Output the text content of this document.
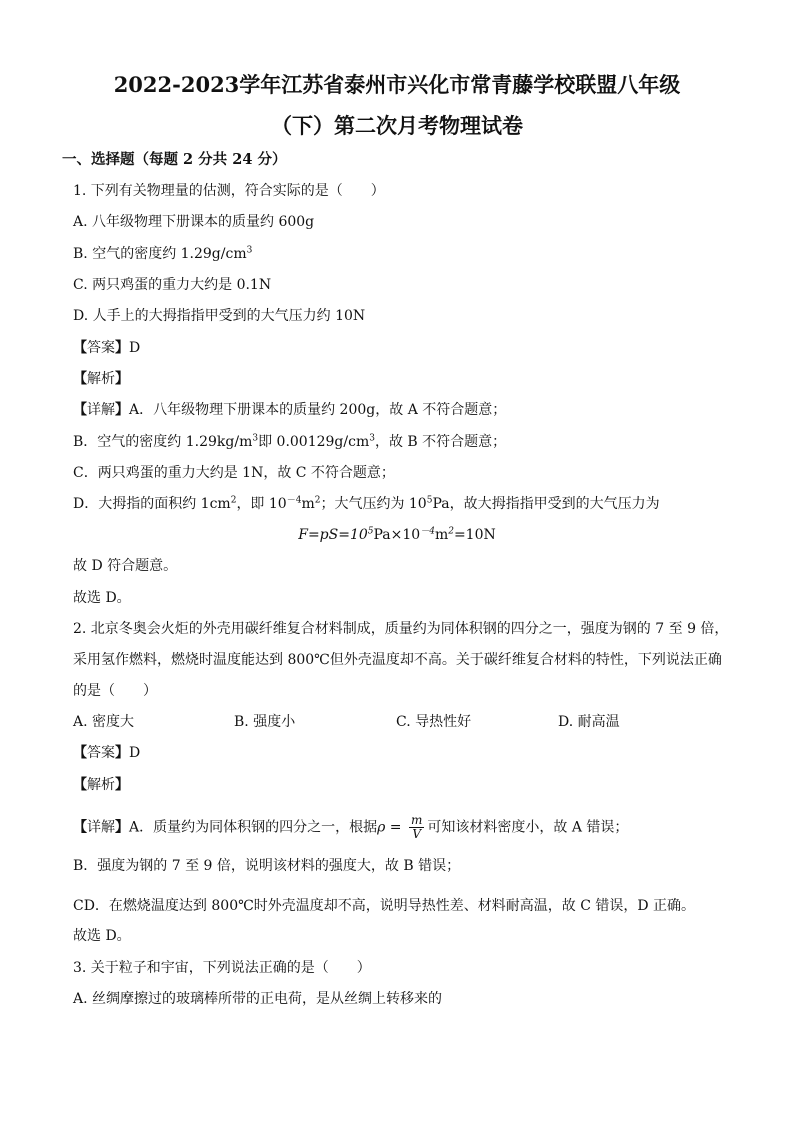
2022-2023学年江苏省泰州市兴化市常青藤学校联盟八年级
（下）第二次月考物理试卷
一、选择题（每题 2 分共 24 分）
1. 下列有关物理量的估测，符合实际的是（　　）
A. 八年级物理下册课本的质量约 600g
B. 空气的密度约 $1.29g/cm^3$
C. 两只鸡蛋的重力大约是 0.1N
D. 人手上的大拇指指甲受到的大气压力约 10N
【答案】D
【解析】
【详解】A．八年级物理下册课本的质量约 200g，故 A 不符合题意；
B．空气的密度约 $1.29kg/m^3$即 $0.00129g/cm^3$，故 B 不符合题意；
C．两只鸡蛋的重力大约是 1N，故 C 不符合题意；
D．大拇指的面积约 $1cm^2$，即 $10^{-4}m^2$；大气压约为 $10^5Pa$，故大拇指指甲受到的大气压力为
$F=pS=10^5Pa\times 10^{-4}m^2=10N$
故 D 符合题意。
故选 D。
2. 北京冬奥会火炬的外壳用碳纤维复合材料制成，质量约为同体积钢的四分之一，强度为钢的 7 至 9 倍，
采用氢作燃料，燃烧时温度能达到 800℃但外壳温度却不高。关于碳纤维复合材料的特性，下列说法正确
的是（　　）
A. 密度大	B. 强度小	C. 导热性好	D. 耐高温
【答案】D
【解析】
【详解】A．质量约为同体积钢的四分之一，根据$\rho = \frac{m}{V}$ 可知该材料密度小，故 A 错误；
B．强度为钢的 7 至 9 倍，说明该材料的强度大，故 B 错误；
CD．在燃烧温度达到 800℃时外壳温度却不高，说明导热性差、材料耐高温，故 C 错误，D 正确。
故选 D。
3. 关于粒子和宇宙，下列说法正确的是（　　）
A. 丝绸摩擦过的玻璃棒所带的正电荷，是从丝绸上转移来的
